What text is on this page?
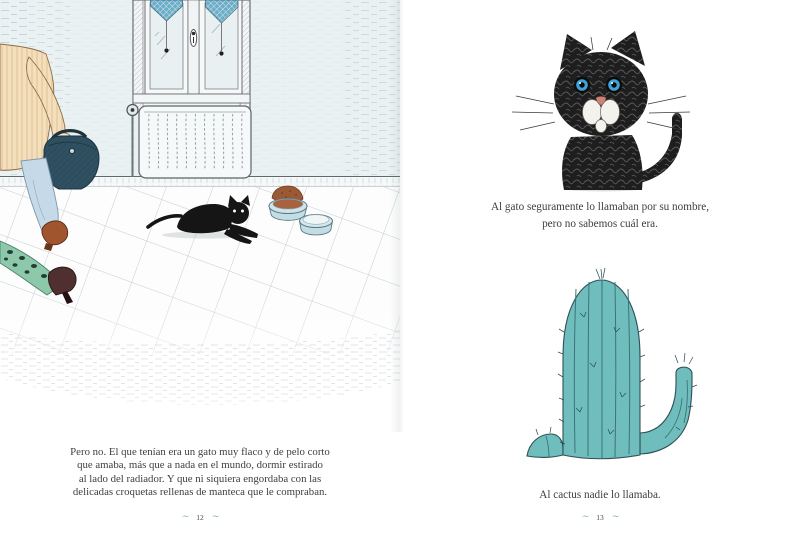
Pero no. El que tenían era un gato muy flaco y de pelo corto
que amaba, más que a nada en el mundo, dormir estirado
al lado del radiador. Y que ni siquiera engordaba con las
delicadas croquetas rellenas de manteca que le compraban.
∼ 12 ∼
Al gato seguramente lo llamaban por su nombre,
pero no sabemos cuál era.
Al cactus nadie lo llamaba.
∼ 13 ∼
